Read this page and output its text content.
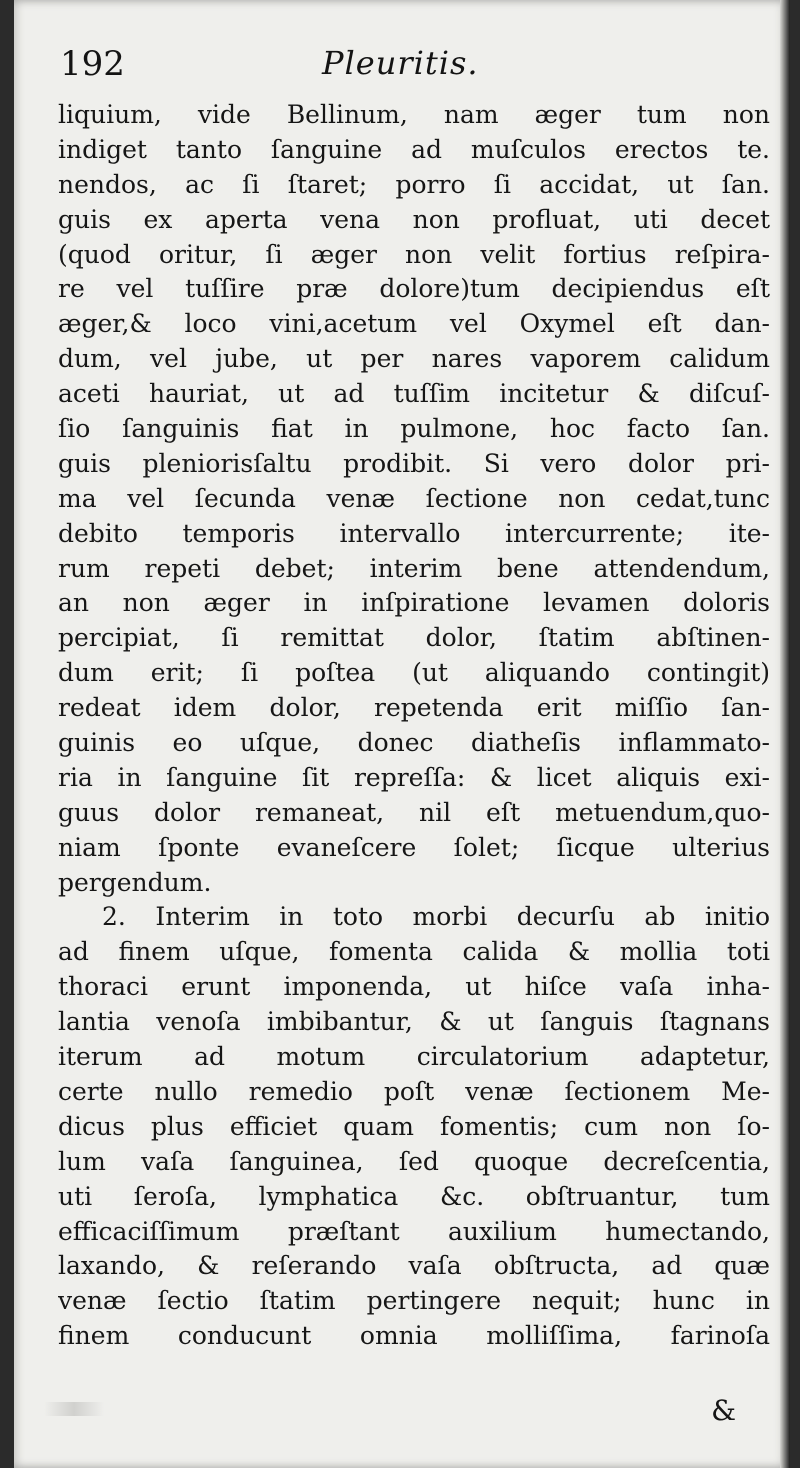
192	Pleuritis.
liquium, vide Bellinum, nam æger tum non
indiget tanto ſanguine ad muſculos erectos te.
nendos, ac ſi ſtaret; porro ſi accidat, ut ſan.
guis ex aperta vena non profluat, uti decet
(quod oritur, ſi æger non velit fortius reſpira-
re vel tuſſire præ dolore)tum decipiendus eſt
æger,& loco vini,acetum vel Oxymel eſt dan-
dum, vel jube, ut per nares vaporem calidum
aceti hauriat, ut ad tuſſim incitetur & diſcuſ-
ſio ſanguinis fiat in pulmone, hoc facto ſan.
guis pleniorisſaltu prodibit. Si vero dolor pri-
ma vel ſecunda venæ ſectione non cedat,tunc
debito temporis intervallo intercurrente; ite-
rum repeti debet; interim bene attendendum,
an non æger in inſpiratione levamen doloris
percipiat, ſi remittat dolor, ſtatim abſtinen-
dum erit; ſi poſtea (ut aliquando contingit)
redeat idem dolor, repetenda erit miſſio ſan-
guinis eo uſque, donec diatheſis inflammato-
ria in ſanguine ſit repreſſa: & licet aliquis exi-
guus dolor remaneat, nil eſt metuendum,quo-
niam ſponte evaneſcere ſolet; ſicque ulterius
pergendum.
2. Interim in toto morbi decurſu ab initio
ad finem uſque, fomenta calida & mollia toti
thoraci erunt imponenda, ut hiſce vaſa inha-
lantia venoſa imbibantur, & ut ſanguis ſtagnans
iterum ad motum circulatorium adaptetur,
certe nullo remedio poſt venæ ſectionem Me-
dicus plus efficiet quam fomentis; cum non ſo-
lum vaſa ſanguinea, ſed quoque decreſcentia,
uti ſeroſa, lymphatica &c. obſtruantur, tum
efficaciſſimum præſtant auxilium humectando,
laxando, & reſerando vaſa obſtructa, ad quæ
venæ ſectio ſtatim pertingere nequit; hunc in
finem conducunt omnia molliſſima, farinoſa
&
